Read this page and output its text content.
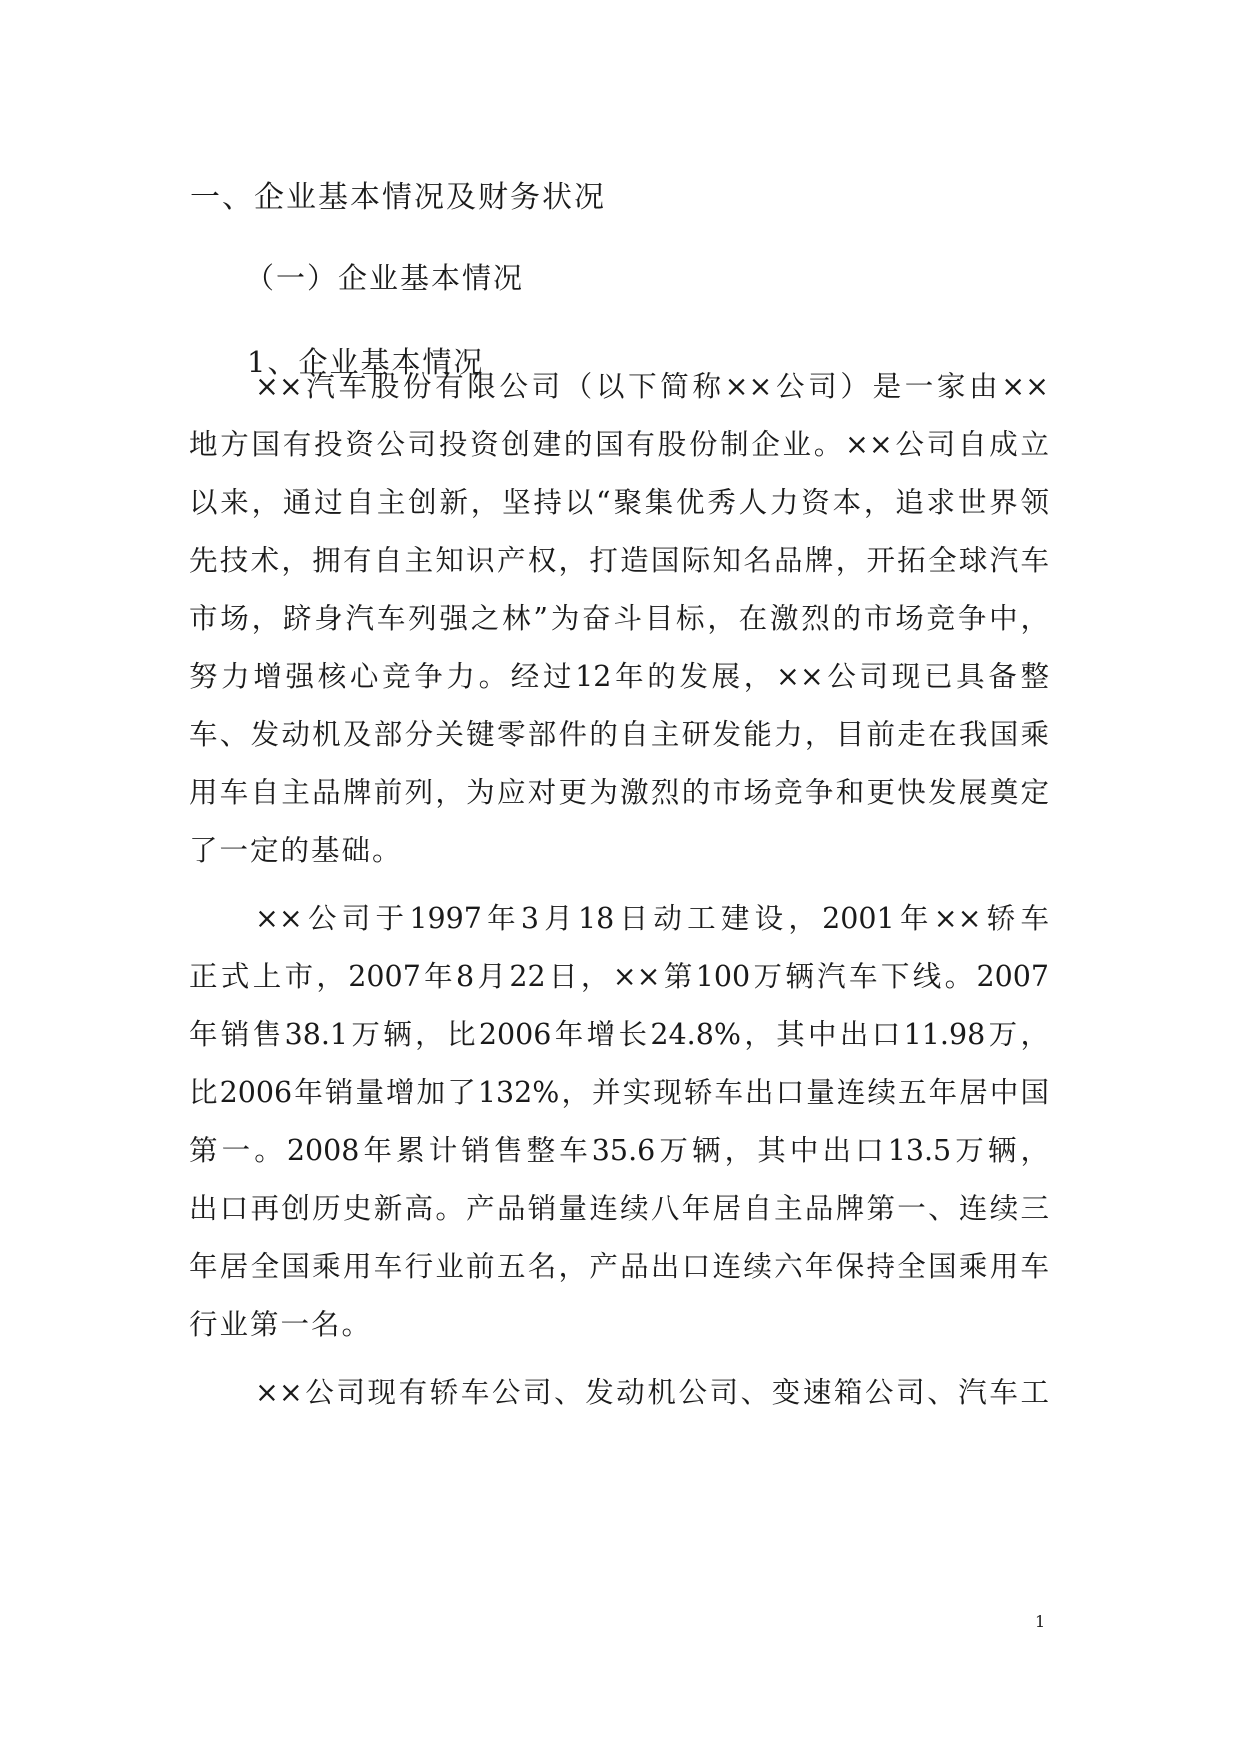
一、企业基本情况及财务状况
（一）企业基本情况
1、企业基本情况
××汽车股份有限公司（以下简称××公司）是一家由××
地方国有投资公司投资创建的国有股份制企业。××公司自成立
以来，通过自主创新，坚持以“聚集优秀人力资本，追求世界领
先技术，拥有自主知识产权，打造国际知名品牌，开拓全球汽车
市场，跻身汽车列强之林”为奋斗目标，在激烈的市场竞争中，
努力增强核心竞争力。经过12年的发展，××公司现已具备整
车、发动机及部分关键零部件的自主研发能力，目前走在我国乘
用车自主品牌前列，为应对更为激烈的市场竞争和更快发展奠定
了一定的基础。
××公司于1997年3月18日动工建设，2001年××轿车
正式上市，2007年8月22日，××第100万辆汽车下线。2007
年销售38.1万辆，比2006年增长24.8%，其中出口11.98万，
比2006年销量增加了132%，并实现轿车出口量连续五年居中国
第一。2008年累计销售整车35.6万辆，其中出口13.5万辆，
出口再创历史新高。产品销量连续八年居自主品牌第一、连续三
年居全国乘用车行业前五名，产品出口连续六年保持全国乘用车
行业第一名。
××公司现有轿车公司、发动机公司、变速箱公司、汽车工
1
